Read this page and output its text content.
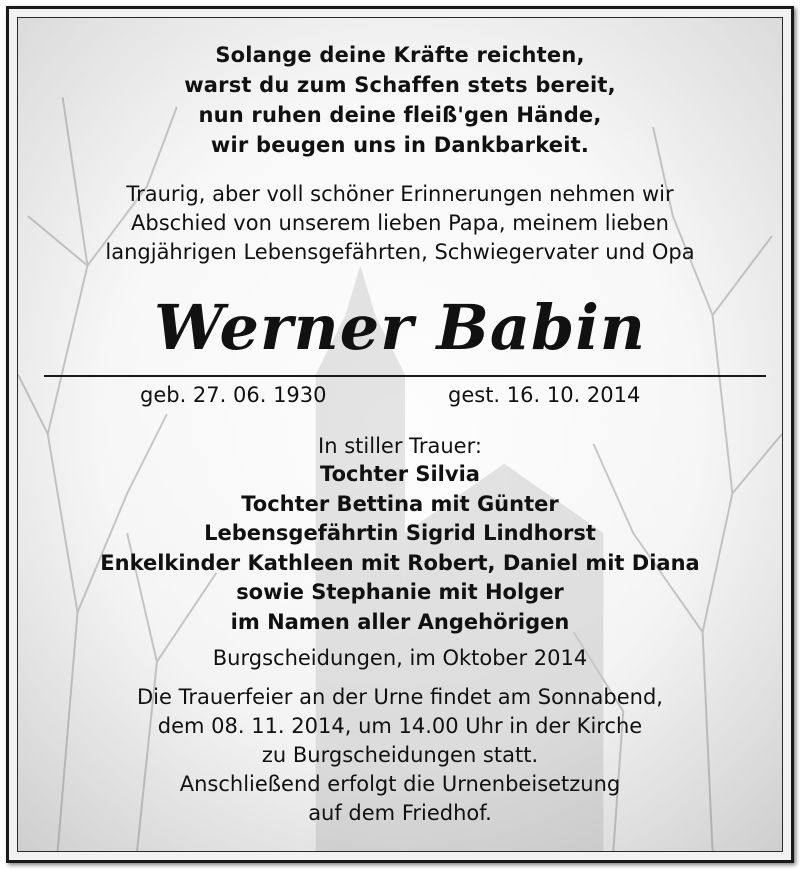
Solange deine Kräfte reichten,
warst du zum Schaffen stets bereit,
nun ruhen deine fleiß'gen Hände,
wir beugen uns in Dankbarkeit.
Traurig, aber voll schöner Erinnerungen nehmen wir
Abschied von unserem lieben Papa, meinem lieben
langjährigen Lebensgefährten, Schwiegervater und Opa
Werner Babin
geb. 27. 06. 1930	gest. 16. 10. 2014
In stiller Trauer:
Tochter Silvia
Tochter Bettina mit Günter
Lebensgefährtin Sigrid Lindhorst
Enkelkinder Kathleen mit Robert, Daniel mit Diana
sowie Stephanie mit Holger
im Namen aller Angehörigen
Burgscheidungen, im Oktober 2014
Die Trauerfeier an der Urne findet am Sonnabend,
dem 08. 11. 2014, um 14.00 Uhr in der Kirche
zu Burgscheidungen statt.
Anschließend erfolgt die Urnenbeisetzung
auf dem Friedhof.
